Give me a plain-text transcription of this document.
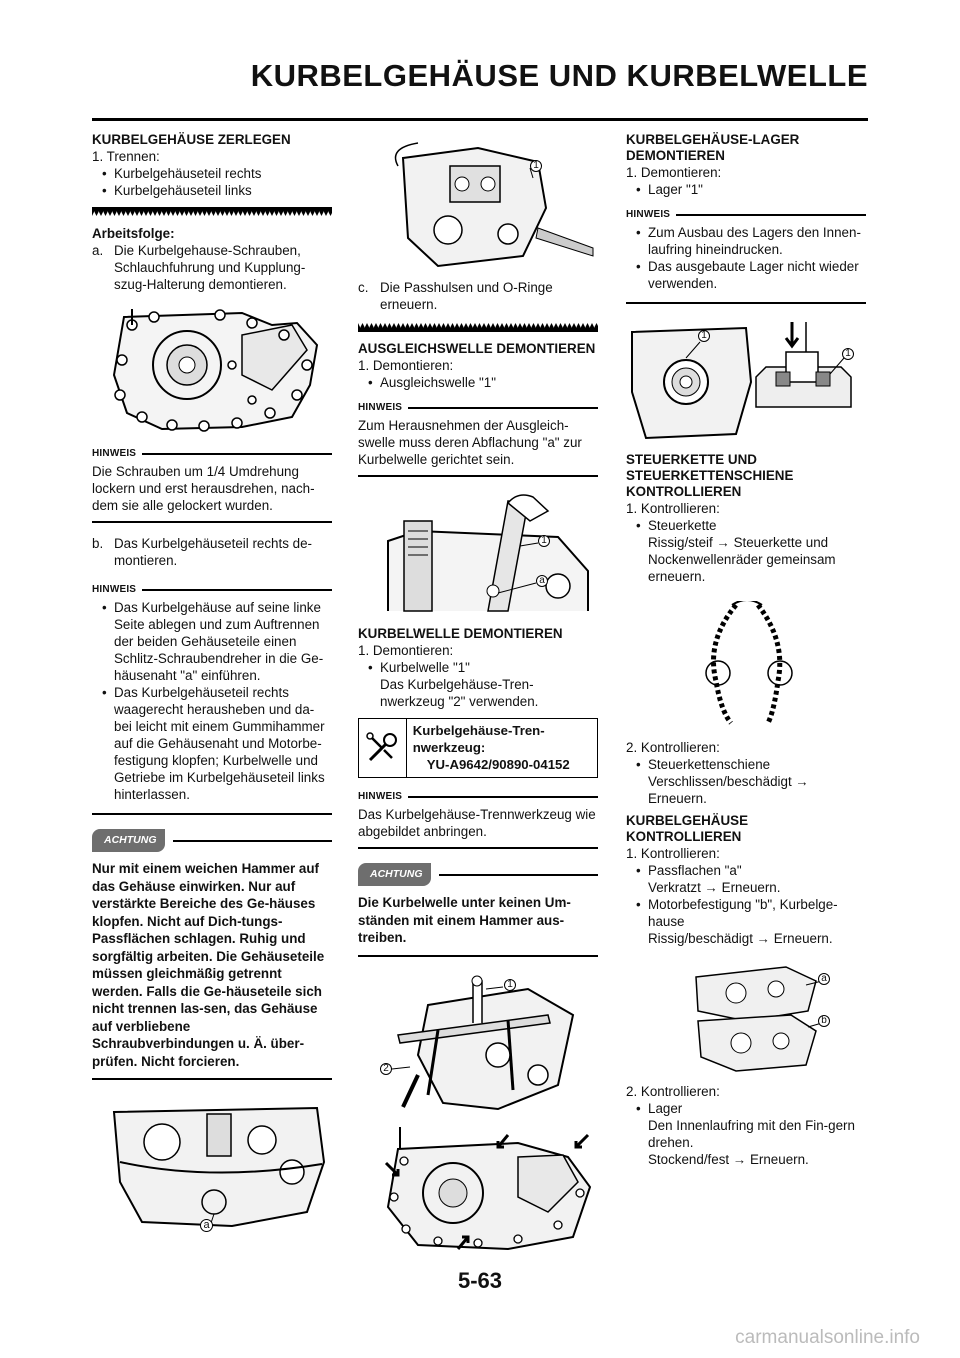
KURBELGEHÄUSE UND KURBELWELLE
KURBELGEHÄUSE ZERLEGEN

1. Trennen:

• Kurbelgehäuseteil rechts

• Kurbelgehäuseteil links

Arbeitsfolge:

a. Die Kurbelgehause-Schrauben, Schlauchfuhrung und Kupplung-szug-Halterung demontieren.
HINWEIS

Die Schrauben um 1/4 Umdrehung lockern und erst herausdrehen, nach-dem sie alle gelockert wurden.

b. Das Kurbelgehäuseteil rechts de-montieren.
HINWEIS

• Das Kurbelgehäuse auf seine linke Seite ablegen und zum Auftrennen der beiden Gehäuseteile einen Schlitz-Schraubendreher in die Ge-häusenaht "a" einführen.

• Das Kurbelgehäuseteil rechts waagerecht herausheben und da-bei leicht mit einem Gummihammer auf die Gehäusenaht und Motorbe-festigung klopfen; Kurbelwelle und Getriebe im Kurbelgehäuseteil links hinterlassen.

ACHTUNG

Nur mit einem weichen Hammer auf das Gehäuse einwirken. Nur auf verstärkte Bereiche des Ge-häuses klopfen. Nicht auf Dich-tungs-Passflächen schlagen. Ruhig und sorgfältig arbeiten. Die Gehäuseteile müssen gleichmäßig getrennt werden. Falls die Ge-häuseteile sich nicht trennen las-sen, das Gehäuse auf verbliebene Schraubverbindungen u. Ä. über-prüfen. Nicht forcieren.

a
1
c. Die Passhulsen und O-Ringe erneuern.
AUSGLEICHSWELLE DEMONTIEREN

1. Demontieren:

• Ausgleichswelle "1"

HINWEIS

Zum Herausnehmen der Ausgleich-swelle muss deren Abflachung "a" zur Kurbelwelle gerichtet sein.

1
a
KURBELWELLE DEMONTIEREN

1. Demontieren:

• Kurbelwelle "1"

Das Kurbelgehäuse-Tren-nwerkzeug "2" verwenden.

Kurbelgehäuse-Tren-nwerkzeug:

YU-A9642/90890-04152

HINWEIS

Das Kurbelgehäuse-Trennwerkzeug wie abgebildet anbringen.

ACHTUNG

Die Kurbelwelle unter keinen Um-ständen mit einem Hammer aus-treiben.

1
2
KURBELGEHÄUSE-LAGER DEMONTIEREN

1. Demontieren:

• Lager "1"

HINWEIS

• Zum Ausbau des Lagers den Innen-laufring hineindrucken.

• Das ausgebaute Lager nicht wieder verwenden.

1
1
STEUERKETTE UND STEUERKETTENSCHIENE KONTROLLIEREN

1. Kontrollieren:

• Steuerkette

Rissig/steif → Steuerkette und Nockenwellenräder gemeinsam erneuern.

2. Kontrollieren:

• Steuerkettenschiene

Verschlissen/beschädigt → Erneuern.

KURBELGEHÄUSE KONTROLLIEREN

1. Kontrollieren:

• Passflachen "a"

Verkratzt → Erneuern.

• Motorbefestigung "b", Kurbelge-hause

Rissig/beschädigt → Erneuern.

a
b

2. Kontrollieren:

• Lager

Den Innenlaufring mit den Fin-gern drehen.

Stockend/fest → Erneuern.

5-63
carmanualsonline.info
